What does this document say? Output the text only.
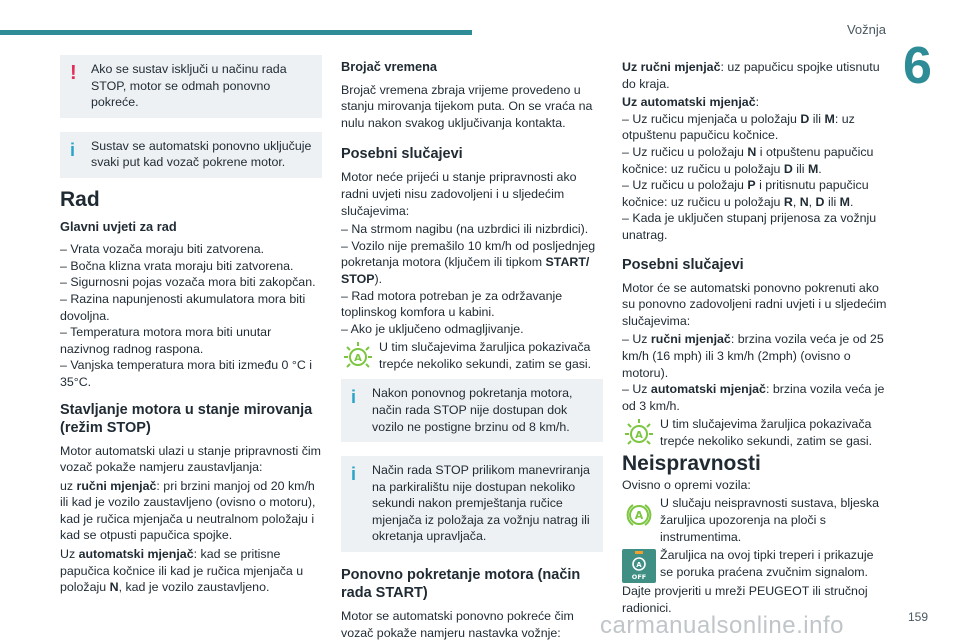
Vožnja
6
159
carmanualsonline.info
! Ako se sustav isključi u načinu rada STOP, motor se odmah ponovno pokreće.

i Sustav se automatski ponovno uključuje svaki put kad vozač pokrene motor.

Rad
Glavni uvjeti za rad

– Vrata vozača moraju biti zatvorena.

– Bočna klizna vrata moraju biti zatvorena.

– Sigurnosni pojas vozača mora biti zakopčan.

– Razina napunjenosti akumulatora mora biti dovoljna.

– Temperatura motora mora biti unutar nazivnog radnog raspona.

– Vanjska temperatura mora biti između 0 °C i 35°C.

Stavljanje motora u stanje mirovanja (režim STOP)

Motor automatski ulazi u stanje pripravnosti čim vozač pokaže namjeru zaustavljanja:

uz ručni mjenjač: pri brzini manjoj od 20 km/h ili kad je vozilo zaustavljeno (ovisno o motoru), kad je ručica mjenjača u neutralnom položaju i kad se otpusti papučica spojke.

Uz automatski mjenjač: kad se pritisne papučica kočnice ili kad je ručica mjenjača u položaju N, kad je vozilo zaustavljeno.

Brojač vremena

Brojač vremena zbraja vrijeme provedeno u stanju mirovanja tijekom puta. On se vraća na nulu nakon svakog uključivanja kontakta.

Posebni slučajevi

Motor neće prijeći u stanje pripravnosti ako radni uvjeti nisu zadovoljeni i u sljedećim slučajevima:

– Na strmom nagibu (na uzbrdici ili nizbrdici).

– Vozilo nije premašilo 10 km/h od posljednjeg pokretanja motora (ključem ili tipkom START/ STOP).

– Rad motora potreban je za održavanje toplinskog komfora u kabini.

– Ako je uključeno odmagljivanje.

A
U tim slučajevima žaruljica pokazivača trepće nekoliko sekundi, zatim se gasi.
i Nakon ponovnog pokretanja motora, način rada STOP nije dostupan dok vozilo ne postigne brzinu od 8 km/h.

i Način rada STOP prilikom manevriranja na parkiralištu nije dostupan nekoliko sekundi nakon premještanja ručice mjenjača iz položaja za vožnju natrag ili okretanja upravljača.

Ponovno pokretanje motora (način rada START)

Motor se automatski ponovno pokreće čim vozač pokaže namjeru nastavka vožnje:

Uz ručni mjenjač: uz papučicu spojke utisnutu do kraja.

Uz automatski mjenjač:

– Uz ručicu mjenjača u položaju D ili M: uz otpuštenu papučicu kočnice.

– Uz ručicu u položaju N i otpuštenu papučicu kočnice: uz ručicu u položaju D ili M.

– Uz ručicu u položaju P i pritisnutu papučicu kočnice: uz ručicu u položaju R, N, D ili M.

– Kada je uključen stupanj prijenosa za vožnju unatrag.

Posebni slučajevi

Motor će se automatski ponovno pokrenuti ako su ponovno zadovoljeni radni uvjeti i u sljedećim slučajevima:

– Uz ručni mjenjač: brzina vozila veća je od 25 km/h (16 mph) ili 3 km/h (2mph) (ovisno o motoru).

– Uz automatski mjenjač: brzina vozila veća je od 3 km/h.

A
U tim slučajevima žaruljica pokazivača trepće nekoliko sekundi, zatim se gasi.
Neispravnosti

Ovisno o opremi vozila:

A

U slučaju neispravnosti sustava, bljeska žaruljica upozorenja na ploči s instrumentima.

A
OFF

Žaruljica na ovoj tipki treperi i prikazuje se poruka praćena zvučnim signalom.

Dajte provjeriti u mreži PEUGEOT ili stručnoj radionici.
